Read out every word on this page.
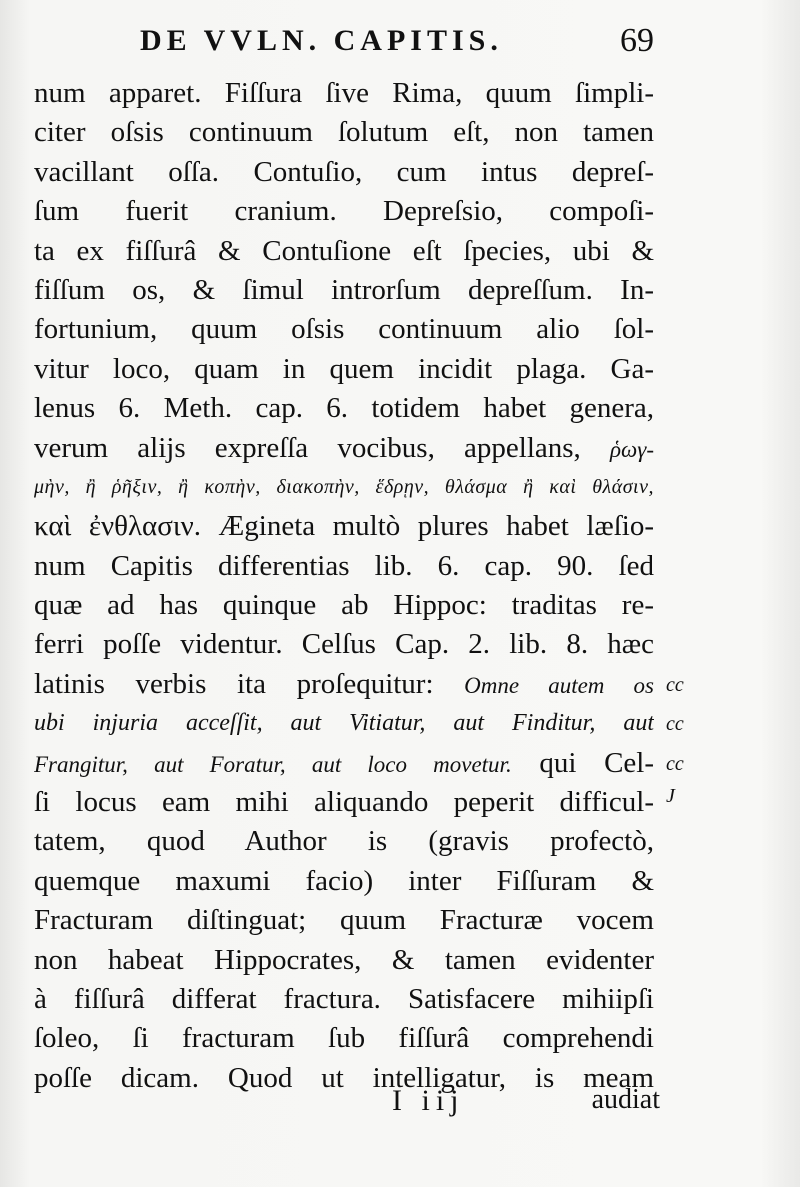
DE VVLN. CAPITIS.	69
num apparet. Fiſſura ſive Rima, quum ſimpli-
citer oſsis continuum ſolutum eſt, non tamen
vacillant oſſa. Contuſio, cum intus depreſ-
ſum fuerit cranium. Depreſsio, compoſi-
ta ex fiſſurâ & Contuſione eſt ſpecies, ubi &
fiſſum os, & ſimul introrſum depreſſum. In-
fortunium, quum oſsis continuum alio ſol-
vitur loco, quam in quem incidit plaga. Ga-
lenus 6. Meth. cap. 6. totidem habet genera,
verum alijs expreſſa vocibus, appellans, ῥωγ-
μὴν, ἢ ῥῆξιν, ἢ κοπὴν, διακοπὴν, ἕδρῃν, θλάσμα ἢ καὶ θλάσιν,
καὶ ἐνθλασιν. Ægineta multò plures habet læſio-
num Capitis differentias lib. 6. cap. 90. ſed
quæ ad has quinque ab Hippoc: traditas re-
ferri poſſe videntur. Celſus Cap. 2. lib. 8. hæc
latinis verbis ita proſequitur: Omne autem os
ubi injuria acceſſit, aut Vitiatur, aut Finditur, aut
Frangitur, aut Foratur, aut loco movetur. qui Cel-
ſi locus eam mihi aliquando peperit difficul-
tatem, quod Author is (gravis profectò,
quemque maxumi facio) inter Fiſſuram &
Fracturam diſtinguat; quum Fracturæ vocem
non habeat Hippocrates, & tamen evidenter
à fiſſurâ differat fractura. Satisfacere mihiipſi
ſoleo, ſi fracturam ſub fiſſurâ comprehendi
poſſe dicam. Quod ut intelligatur, is meam
cc
cc
cc
J
I iij	audiat
